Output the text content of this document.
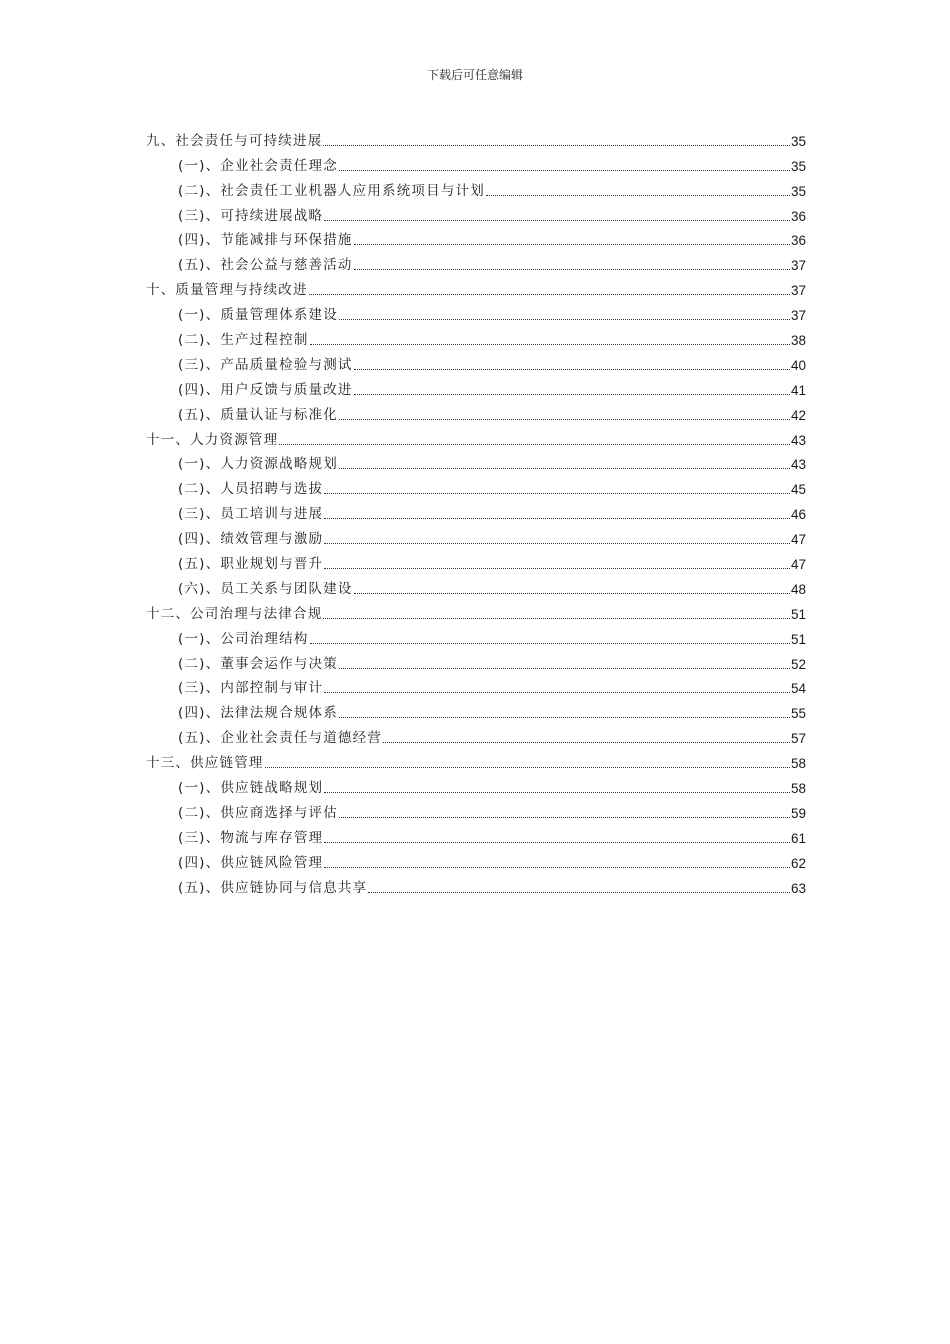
下载后可任意编辑
九、社会责任与可持续进展	35
(一)、企业社会责任理念	35
(二)、社会责任工业机器人应用系统项目与计划	35
(三)、可持续进展战略	36
(四)、节能减排与环保措施	36
(五)、社会公益与慈善活动	37
十、质量管理与持续改进	37
(一)、质量管理体系建设	37
(二)、生产过程控制	38
(三)、产品质量检验与测试	40
(四)、用户反馈与质量改进	41
(五)、质量认证与标准化	42
十一、人力资源管理	43
(一)、人力资源战略规划	43
(二)、人员招聘与选拔	45
(三)、员工培训与进展	46
(四)、绩效管理与激励	47
(五)、职业规划与晋升	47
(六)、员工关系与团队建设	48
十二、公司治理与法律合规	51
(一)、公司治理结构	51
(二)、董事会运作与决策	52
(三)、内部控制与审计	54
(四)、法律法规合规体系	55
(五)、企业社会责任与道德经营	57
十三、供应链管理	58
(一)、供应链战略规划	58
(二)、供应商选择与评估	59
(三)、物流与库存管理	61
(四)、供应链风险管理	62
(五)、供应链协同与信息共享	63
